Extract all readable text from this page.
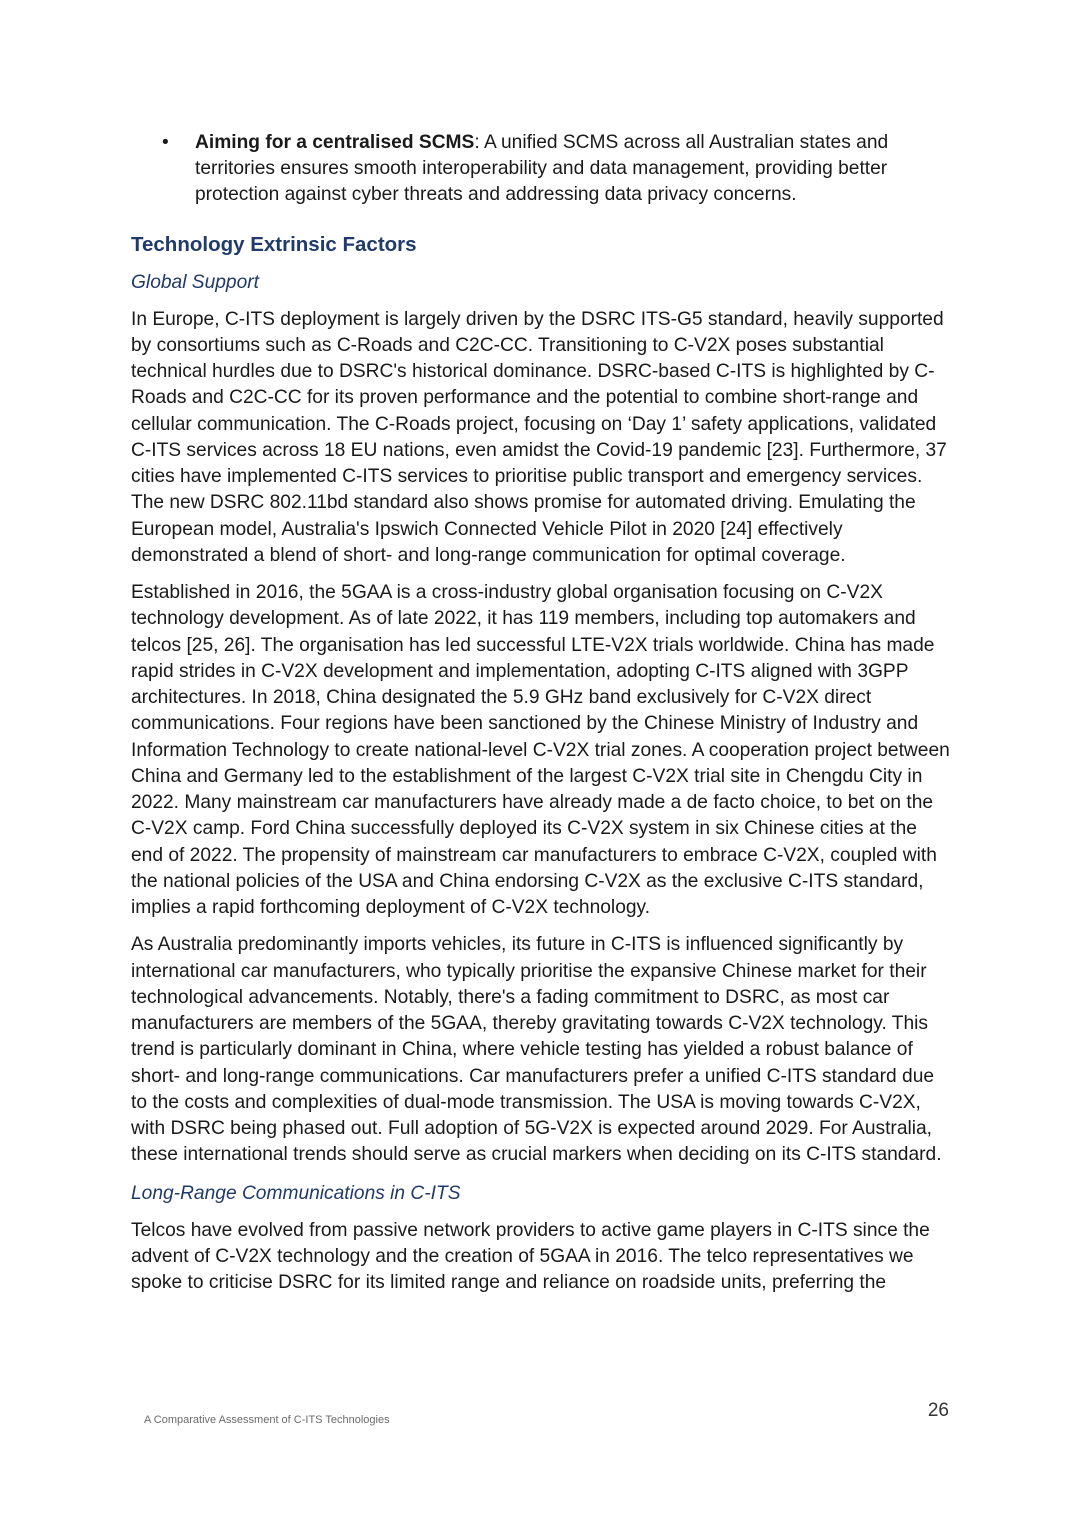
• Aiming for a centralised SCMS: A unified SCMS across all Australian states and territories ensures smooth interoperability and data management, providing better protection against cyber threats and addressing data privacy concerns.
Technology Extrinsic Factors
Global Support

In Europe, C-ITS deployment is largely driven by the DSRC ITS-G5 standard, heavily supported by consortiums such as C-Roads and C2C-CC. Transitioning to C-V2X poses substantial technical hurdles due to DSRC's historical dominance. DSRC-based C-ITS is highlighted by C-Roads and C2C-CC for its proven performance and the potential to combine short-range and cellular communication. The C-Roads project, focusing on ‘Day 1’ safety applications, validated C-ITS services across 18 EU nations, even amidst the Covid-19 pandemic [23]. Furthermore, 37 cities have implemented C-ITS services to prioritise public transport and emergency services. The new DSRC 802.11bd standard also shows promise for automated driving. Emulating the European model, Australia's Ipswich Connected Vehicle Pilot in 2020 [24] effectively demonstrated a blend of short- and long-range communication for optimal coverage.

Established in 2016, the 5GAA is a cross-industry global organisation focusing on C-V2X technology development. As of late 2022, it has 119 members, including top automakers and telcos [25, 26]. The organisation has led successful LTE-V2X trials worldwide. China has made rapid strides in C-V2X development and implementation, adopting C-ITS aligned with 3GPP architectures. In 2018, China designated the 5.9 GHz band exclusively for C-V2X direct communications. Four regions have been sanctioned by the Chinese Ministry of Industry and Information Technology to create national-level C-V2X trial zones. A cooperation project between China and Germany led to the establishment of the largest C-V2X trial site in Chengdu City in 2022. Many mainstream car manufacturers have already made a de facto choice, to bet on the C-V2X camp. Ford China successfully deployed its C-V2X system in six Chinese cities at the end of 2022. The propensity of mainstream car manufacturers to embrace C-V2X, coupled with the national policies of the USA and China endorsing C-V2X as the exclusive C-ITS standard, implies a rapid forthcoming deployment of C-V2X technology.

As Australia predominantly imports vehicles, its future in C-ITS is influenced significantly by international car manufacturers, who typically prioritise the expansive Chinese market for their technological advancements. Notably, there's a fading commitment to DSRC, as most car manufacturers are members of the 5GAA, thereby gravitating towards C-V2X technology. This trend is particularly dominant in China, where vehicle testing has yielded a robust balance of short- and long-range communications. Car manufacturers prefer a unified C-ITS standard due to the costs and complexities of dual-mode transmission. The USA is moving towards C-V2X, with DSRC being phased out. Full adoption of 5G-V2X is expected around 2029. For Australia, these international trends should serve as crucial markers when deciding on its C-ITS standard.

Long-Range Communications in C-ITS

Telcos have evolved from passive network providers to active game players in C-ITS since the advent of C-V2X technology and the creation of 5GAA in 2016. The telco representatives we spoke to criticise DSRC for its limited range and reliance on roadside units, preferring the

A Comparative Assessment of C-ITS Technologies	26
